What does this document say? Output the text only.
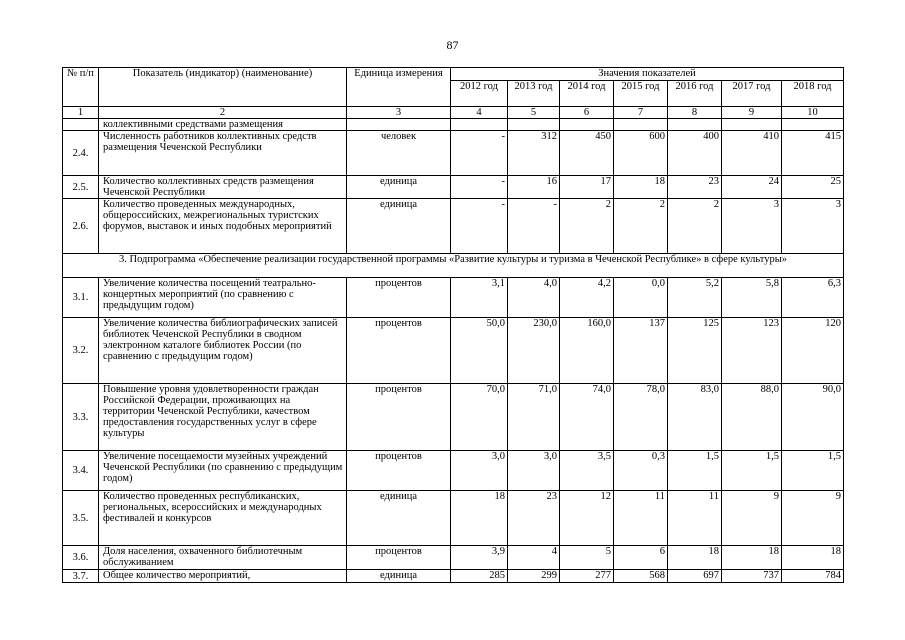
87
№ п/п	Показатель (индикатор) (наименование)	Единица измерения	Значения показателей						
			2012 год	2013 год	2014 год	2015 год	2016 год	2017 год	2018 год
1	2	3	4	5	6	7	8	9	10
	коллективными средствами размещения								
2.4.	Численность работников коллективных средств размещения Чеченской Республики	человек	-	312	450	600	400	410	415
2.5.	Количество коллективных средств размещения Чеченской Республики	единица	-	16	17	18	23	24	25
2.6.	Количество проведенных международных, общероссийских, межрегиональных туристских форумов, выставок и иных подобных мероприятий	единица	-	-	2	2	2	3	3
3. Подпрограмма «Обеспечение реализации государственной программы «Развитие культуры и туризма в Чеченской Республике» в сфере культуры»									
3.1.	Увеличение количества посещений театрально-концертных мероприятий (по сравнению с предыдущим годом)	процентов	3,1	4,0	4,2	0,0	5,2	5,8	6,3
3.2.	Увеличение количества библиографических записей библиотек Чеченской Республики в сводном электронном каталоге библиотек России (по сравнению с предыдущим годом)	процентов	50,0	230,0	160,0	137	125	123	120
3.3.	Повышение уровня удовлетворенности граждан Российской Федерации, проживающих на территории Чеченской Республики, качеством предоставления государственных услуг в сфере культуры	процентов	70,0	71,0	74,0	78,0	83,0	88,0	90,0
3.4.	Увеличение посещаемости музейных учреждений Чеченской Республики (по сравнению с предыдущим годом)	процентов	3,0	3,0	3,5	0,3	1,5	1,5	1,5
3.5.	Количество проведенных республиканских, региональных, всероссийских и международных фестивалей и конкурсов	единица	18	23	12	11	11	9	9
3.6.	Доля населения, охваченного библиотечным обслуживанием	процентов	3,9	4	5	6	18	18	18
3.7.	Общее количество мероприятий,	единица	285	299	277	568	697	737	784
